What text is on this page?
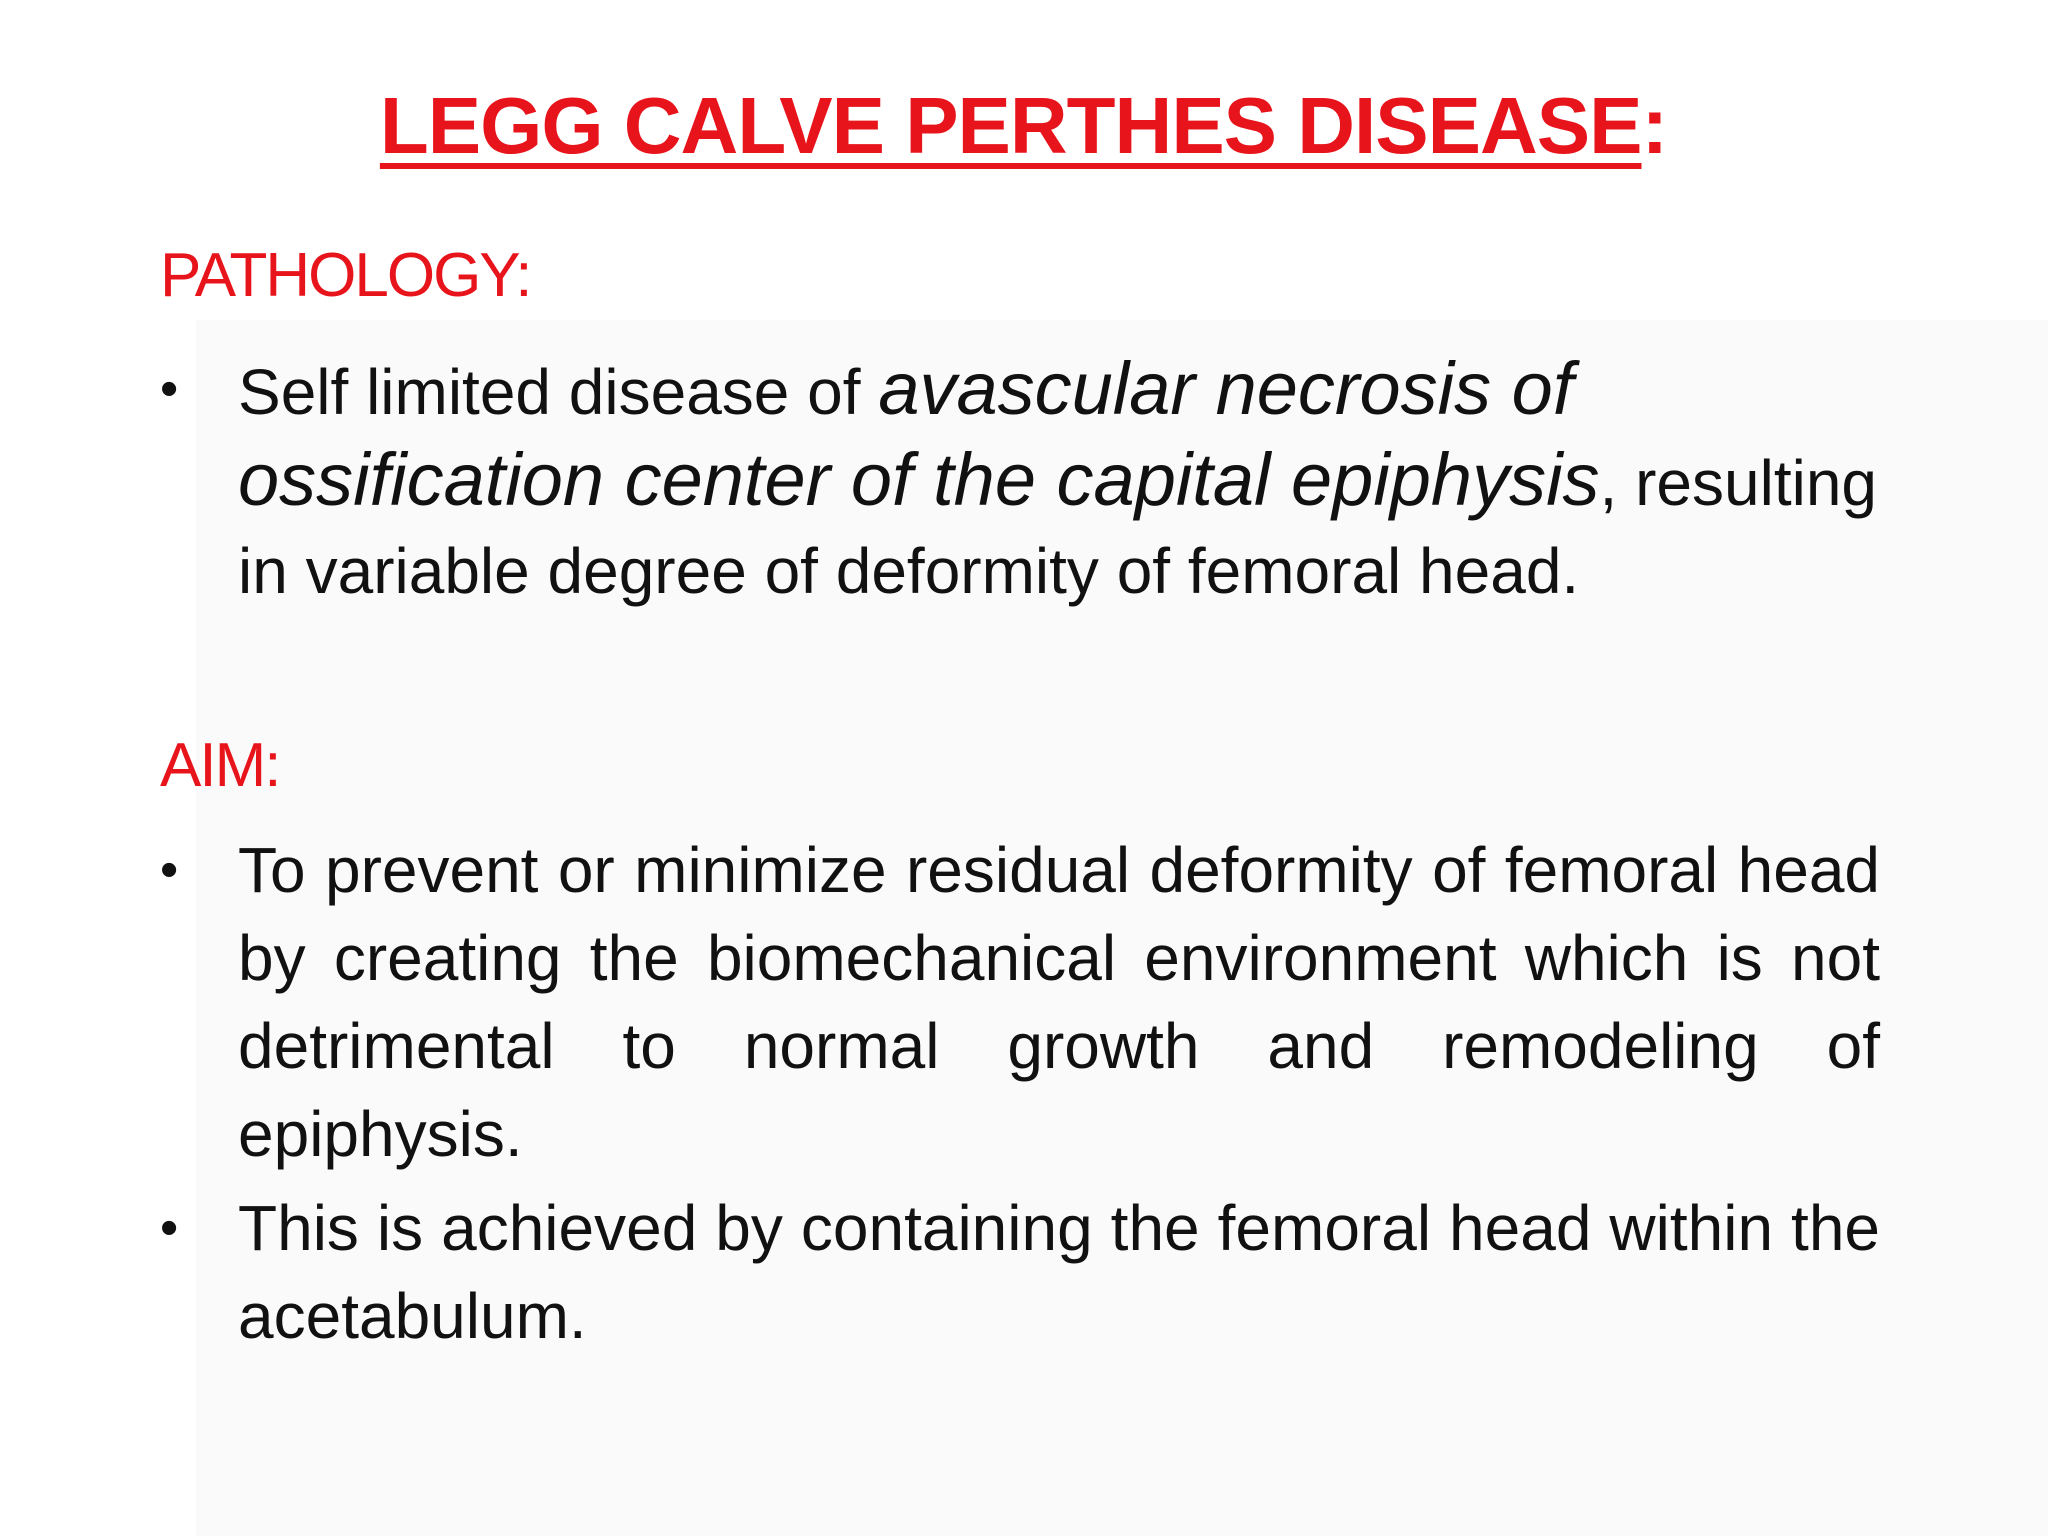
LEGG CALVE PERTHES DISEASE:
PATHOLOGY:
• Self limited disease of avascular necrosis of ossification center of the capital epiphysis, resulting in variable degree of deformity of femoral head.
AIM:
• To prevent or minimize residual deformity of femoral head by creating the biomechanical environment which is not detrimental to normal growth and remodeling of epiphysis.
• This is achieved by containing the femoral head within the acetabulum.
